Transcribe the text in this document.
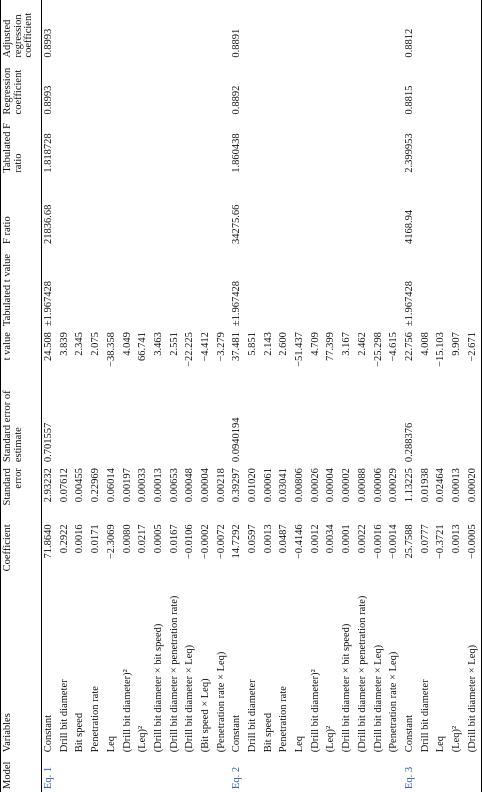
Model	Variables	Coefficient	Standard error	Standard error of estimate	t value	Tabulated t value	F ratio	Tabulated F ratio	Regression coefficient	Adjusted regression coefficient
Eq. 1	Constant	71.8640	2.93232	0.701557	24.508	±1.967428	21836.68	1.818728	0.8993	0.8993
	Drill bit diameter	0.2922	0.07612		3.839					
	Bit speed	0.0016	0.00455		2.345					
	Penetration rate	0.0171	0.22969		2.075					
	Leq	−2.3069	0.06014		−38.358					
	(Drill bit diameter)²	0.0080	0.00197		4.049					
	(Leq)²	0.0217	0.00033		66.741					
	(Drill bit diameter × bit speed)	0.0005	0.00013		3.463					
	(Drill bit diameter × penetration rate)	0.0167	0.00653		2.551					
	(Drill bit diameter × Leq)	−0.0106	0.00048		−22.225					
	(Bit speed × Leq)	−0.0002	0.00004		−4.412					
	(Penetration rate × Leq)	−0.0072	0.00218		−3.279					
Eq. 2	Constant	14.7292	0.39297	0.0940194	37.481	±1.967428	34275.66	1.860438	0.8892	0.8891
	Drill bit diameter	0.0597	0.01020		5.851					
	Bit speed	0.0013	0.00061		2.143					
	Penetration rate	0.0487	0.03041		2.600					
	Leq	−0.4146	0.00806		−51.437					
	(Drill bit diameter)²	0.0012	0.00026		4.709					
	(Leq)²	0.0034	0.00004		77.399					
	(Drill bit diameter × bit speed)	0.0001	0.00002		3.167					
	(Drill bit diameter × penetration rate)	0.0022	0.00088		2.462					
	(Drill bit diameter × Leq)	−0.0016	0.00006		−25.298					
	(Penetration rate × Leq)	−0.0014	0.00029		−4.615					
Eq. 3	Constant	25.7588	1.13225	0.288376	22.756	±1.967428	4168.94	2.399953	0.8815	0.8812
	Drill bit diameter	0.0777	0.01938		4.008					
	Leq	−0.3721	0.02464		−15.103					
	(Leq)²	0.0013	0.00013		9.907					
	(Drill bit diameter × Leq)	−0.0005	0.00020		−2.671					
